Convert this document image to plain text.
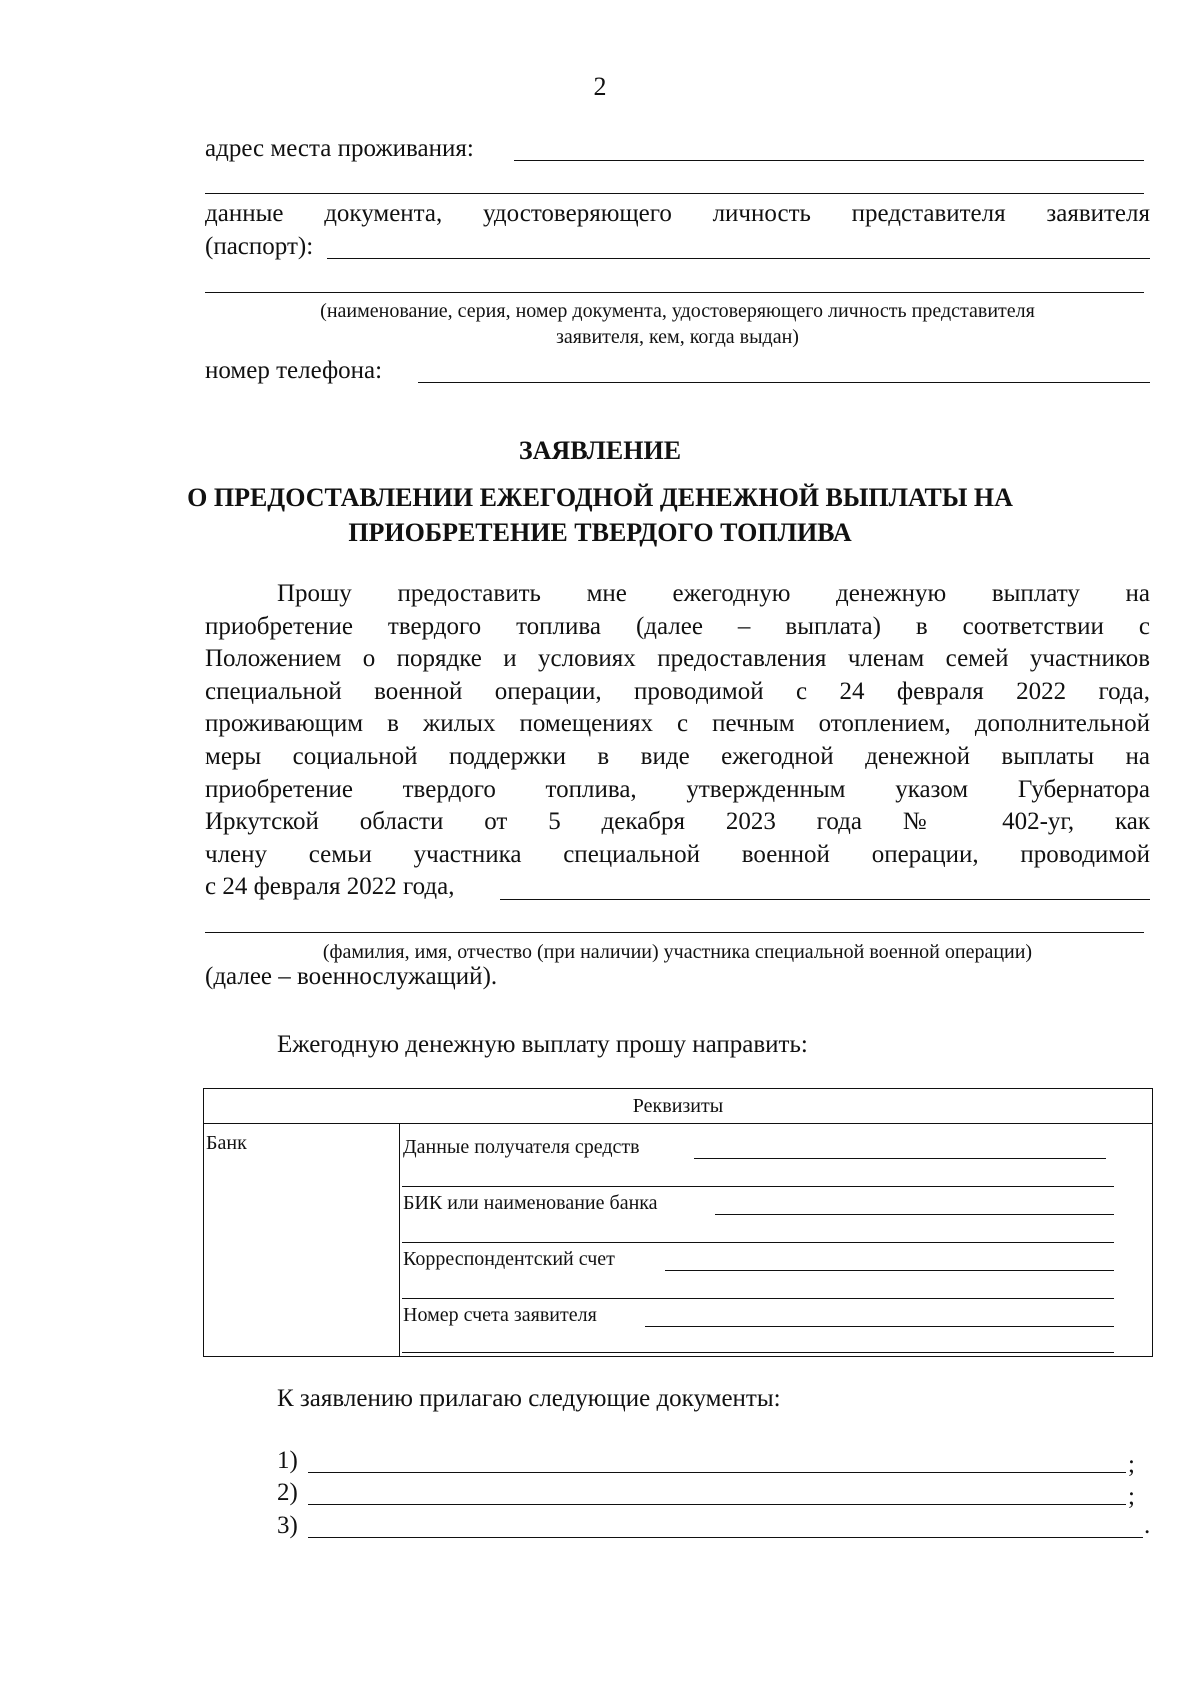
2
адрес места проживания:
данные документа, удостоверяющего личность представителя заявителя
(паспорт):
(наименование, серия, номер документа, удостоверяющего личность представителя
заявителя, кем, когда выдан)
номер телефона:
ЗАЯВЛЕНИЕ
О ПРЕДОСТАВЛЕНИИ ЕЖЕГОДНОЙ ДЕНЕЖНОЙ ВЫПЛАТЫ НА
ПРИОБРЕТЕНИЕ ТВЕРДОГО ТОПЛИВА
Прошу предоставить мне ежегодную денежную выплату на
приобретение твердого топлива (далее – выплата) в соответствии с
Положением о порядке и условиях предоставления членам семей участников
специальной военной операции, проводимой с 24 февраля 2022 года,
проживающим в жилых помещениях с печным отоплением, дополнительной
меры социальной поддержки в виде ежегодной денежной выплаты на
приобретение твердого топлива, утвержденным указом Губернатора
Иркутской области от 5 декабря 2023 года № 402-уг, как
члену семьи участника специальной военной операции, проводимой
с 24 февраля 2022 года,
(фамилия, имя, отчество (при наличии) участника специальной военной операции)
(далее – военнослужащий).
Ежегодную денежную выплату прошу направить:
Реквизиты

Банк	Данные получателя средств
БИК или наименование банка
Корреспондентский счет
Номер счета заявителя
К заявлению прилагаю следующие документы:
1)	;
2)	;
3)	.
